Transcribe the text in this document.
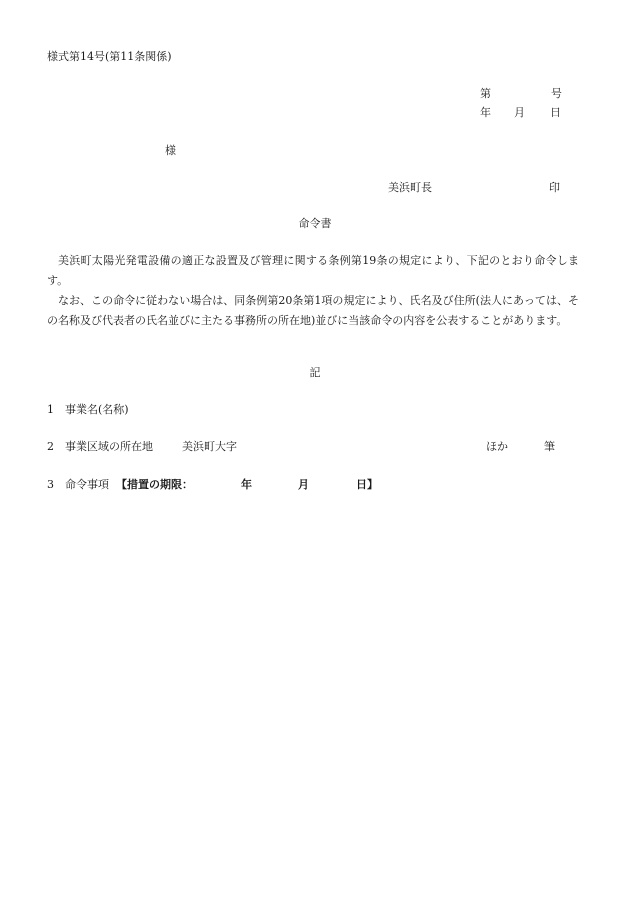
様式第14号(第11条関係)
第	号
年 月 日
様
美浜町長	印
命令書
美浜町太陽光発電設備の適正な設置及び管理に関する条例第19条の規定により、下記のとおり命令します。
なお、この命令に従わない場合は、同条例第20条第1項の規定により、氏名及び住所(法人にあっては、その名称及び代表者の氏名並びに主たる事務所の所在地)並びに当該命令の内容を公表することがあります。
記
1　事業名(名称)
2　事業区域の所在地	美浜町大字	ほか	筆
3　命令事項 【措置の期限：	年	月	日】
